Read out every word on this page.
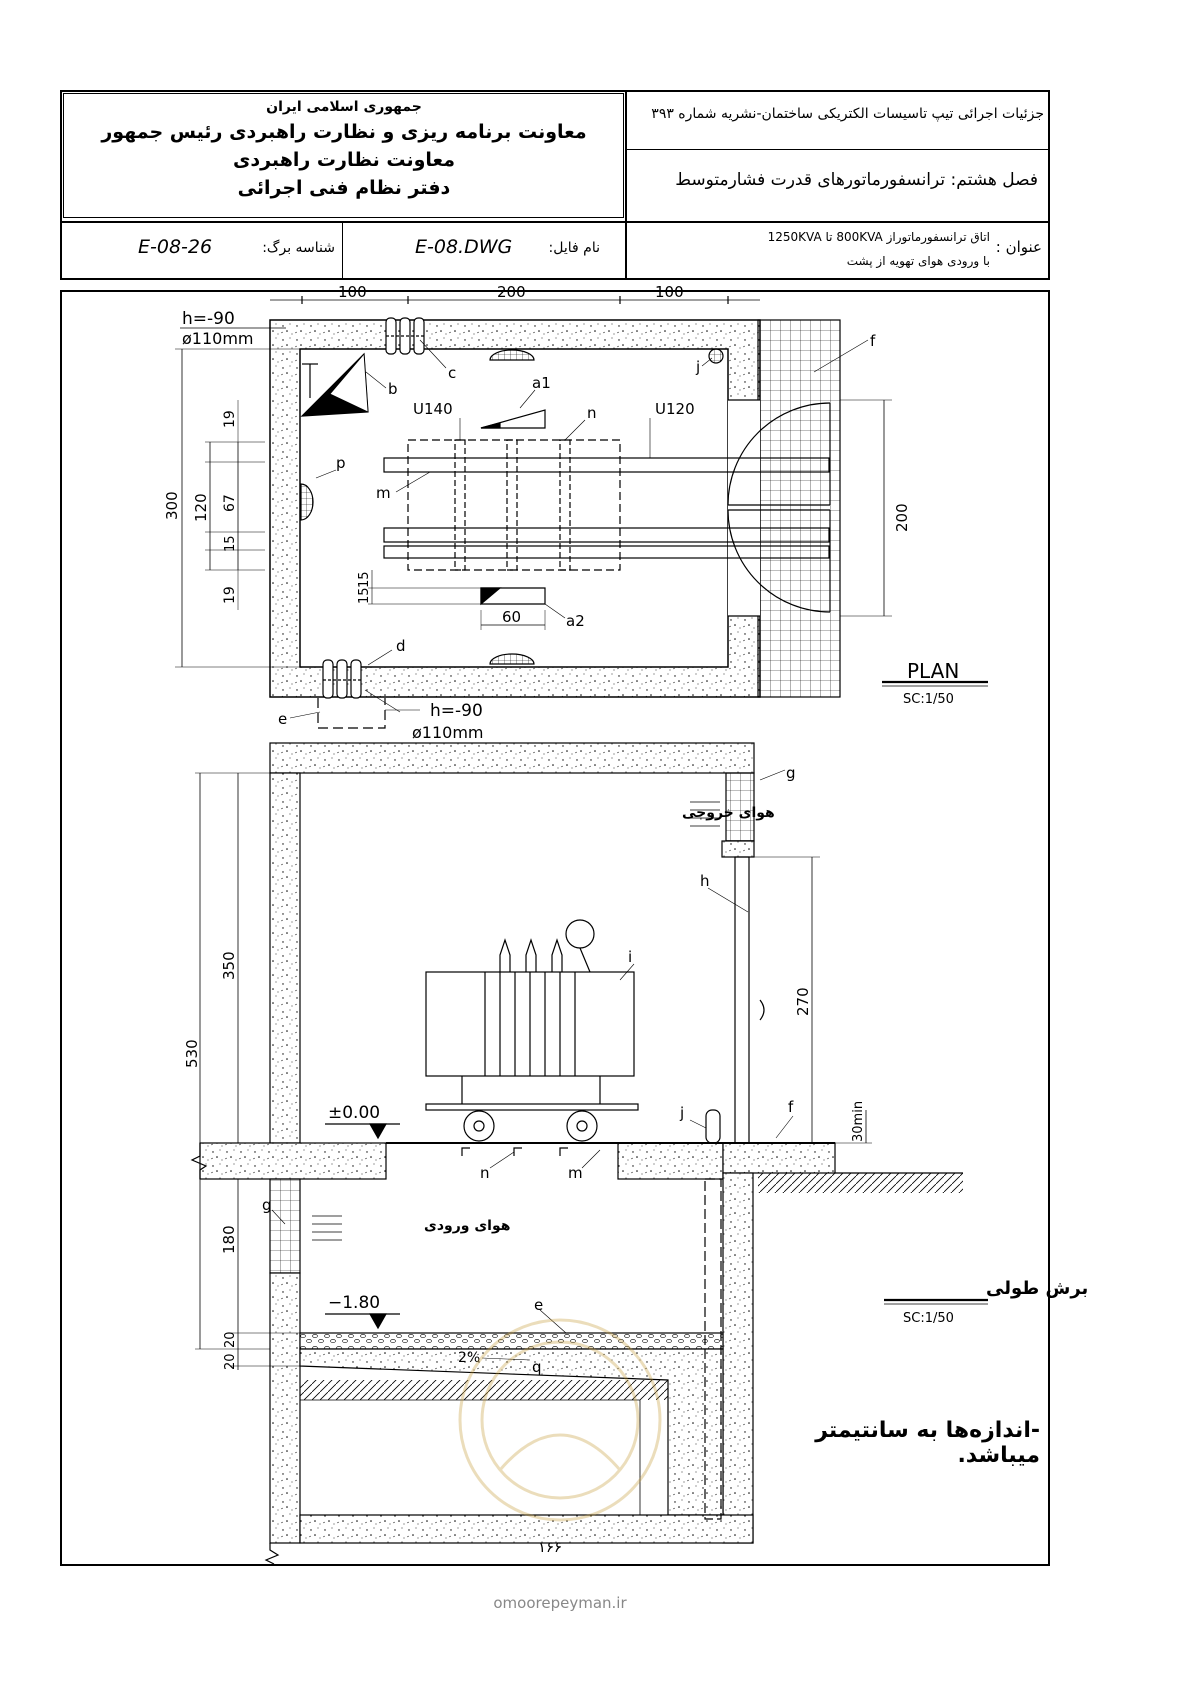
جمهوری اسلامی ایران
معاونت برنامه ریزی و نظارت راهبردی رئیس جمهور
معاونت نظارت راهبردی
دفتر نظام فنی اجرائی
جزئیات اجرائی تیپ تاسیسات الکتریکی ساختمان-نشریه شماره ۳۹۳
فصل هشتم: ترانسفورماتورهای قدرت فشارمتوسط
عنوان :
اتاق ترانسفورماتوراز 800KVA تا 1250KVA
با ورودی هوای تهویه از پشت
نام فایل:
E-08.DWG
شناسه برگ:
E-08-26
100	200	100
h=-90
ø110mm
300 120
19
67
15
19
15
15
60
200
U140	U120
a1
a2
b
c
d
e
f
j
m
n
p
h=-90
ø110mm
PLAN
SC:1/50
هوای خروجی
هوای ورودی
±0.00
−1.80
2%
530
350
180
20
20
270
30min
g
g
h
i
j	f
n	m
e
q
برش طولی
SC:1/50
-اندازه‌ها به سانتیمتر میباشد.
۱۶۶
omoorepeyman.ir
